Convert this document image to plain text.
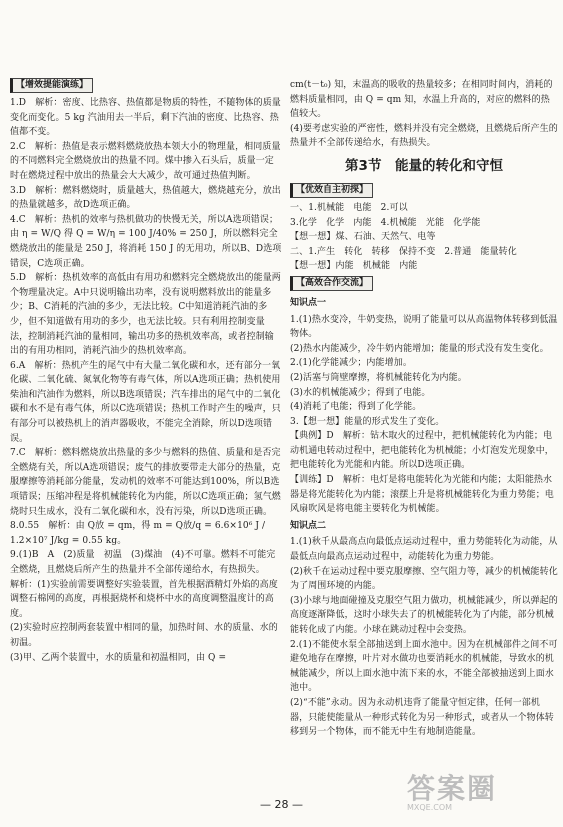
【增效提能演练】

1.D　解析：密度、比热容、热值都是物质的特性，不随物体的质量变化而变化。5 kg 汽油用去一半后，剩下汽油的密度、比热容、热值都不变。

2.C　解析：热值是表示燃料燃烧放热本领大小的物理量，相同质量的不同燃料完全燃烧放出的热量不同。煤中掺入石头后，质量一定时在燃烧过程中放出的热量会大大减少，故可通过热值判断。

3.D　解析：燃料燃烧时，质量越大，热值越大，燃烧越充分，放出的热量就越多，故D选项正确。

4.C　解析：热机的效率与热机做功的快慢无关，所以A选项错误；由 η = W/Q 得 Q = W/η = 100 J/40% = 250 J，所以燃料完全燃烧放出的能量是 250 J，将消耗 150 J 的无用功，所以B、D选项错误，C选项正确。

5.D　解析：热机效率的高低由有用功和燃料完全燃烧放出的能量两个物理量决定。A中只说明输出功率，没有说明燃料放出的能量多少；B、C消耗的汽油的多少，无法比较。C中知道消耗汽油的多少，但不知道做有用功的多少，也无法比较。只有利用控制变量法，控制消耗汽油的量相同，输出功多的热机效率高，或者控制输出的有用功相同，消耗汽油少的热机效率高。

6.A　解析：热机产生的尾气中有大量二氧化碳和水，还有部分一氧化碳、二氧化硫、氮氧化物等有毒气体，所以A选项正确；热机使用柴油和汽油作为燃料，所以B选项错误；汽车排出的尾气中的二氧化碳和水不是有毒气体，所以C选项错误；热机工作时产生的噪声，只有部分可以被热机上的消声器吸收，不能完全消除，所以D选项错误。

7.C　解析：燃料燃烧放出热量的多少与燃料的热值、质量和是否完全燃烧有关，所以A选项错误；废气的排放要带走大部分的热量，克服摩擦等消耗部分能量，发动机的效率不可能达到100%，所以B选项错误；压缩冲程是将机械能转化为内能，所以C选项正确；氢气燃烧时只生成水，没有二氧化碳和水，没有污染，所以D选项正确。

8.0.55　解析：由 Q放 = qm，得 m = Q放/q = 6.6×10⁶ J / 1.2×10⁷ J/kg = 0.55 kg。

9.(1)B　A　(2)质量　初温　(3)煤油　(4)不可靠。燃料不可能完全燃烧，且燃烧后所产生的热量并不全部传递给水，有热损失。

解析：(1)实验前需要调整好实验装置，首先根据酒精灯外焰的高度调整石棉网的高度，再根据烧杯和烧杯中水的高度调整温度计的高度。

(2)实验时应控制两套装置中相同的量，加热时间、水的质量、水的初温。

(3)甲、乙两个装置中，水的质量和初温相同，由 Q =

cm(t－t₀) 知，末温高的吸收的热量较多；在相同时间内，消耗的燃料质量相同，由 Q = qm 知，水温上升高的，对应的燃料的热值较大。

(4)要考虑实验的严密性，燃料并没有完全燃烧，且燃烧后所产生的热量并不全部传递给水，有热损失。

第3节　能量的转化和守恒
【优效自主初探】

一、1.机械能　电能　2.可以

3.化学　化学　内能　4.机械能　光能　化学能

【想一想】煤、石油、天然气、电等

二、1.产生　转化　转移　保持不变　2.普通　能量转化

【想一想】内能　机械能　内能

【高效合作交流】
知识点一

1.(1)热水变冷，牛奶变热，说明了能量可以从高温物体转移到低温物体。

(2)热水内能减少，冷牛奶内能增加；能量的形式没有发生变化。

2.(1)化学能减少；内能增加。

(2)活塞与筒壁摩擦，将机械能转化为内能。

(3)水的机械能减少；得到了电能。

(4)消耗了电能；得到了化学能。

3.【想一想】能量的形式发生了变化。

【典例】D　解析：钻木取火的过程中，把机械能转化为内能；电动机通电转动过程中，把电能转化为机械能；小灯泡发光现象中，把电能转化为光能和内能。所以D选项正确。

【训练】D　解析：电灯是将电能转化为光能和内能；太阳能热水器是将光能转化为内能；滚摆上升是将机械能转化为重力势能；电风扇吹风是将电能主要转化为机械能。

知识点二

1.(1)秋千从最高点向最低点运动过程中，重力势能转化为动能，从最低点向最高点运动过程中，动能转化为重力势能。

(2)秋千在运动过程中要克服摩擦、空气阻力等，减少的机械能转化为了周围环境的内能。

(3)小球与地面碰撞及克服空气阻力做功，机械能减少，所以弹起的高度逐渐降低，这时小球失去了的机械能转化为了内能，部分机械能转化成了内能。小球在跳动过程中会变热。

2.(1)不能使水泵全部抽送到上面水池中。因为在机械部件之间不可避免地存在摩擦，叶片对水做功也要消耗水的机械能，导致水的机械能减少，所以上面水池中流下来的水，不能全部被抽送到上面水池中。

(2)“不能”永动。因为永动机违背了能量守恒定律，任何一部机器，只能使能量从一种形式转化为另一种形式，或者从一个物体转移到另一个物体，而不能无中生有地制造能量。

— 28 —	答案圈
MXQE.COM
